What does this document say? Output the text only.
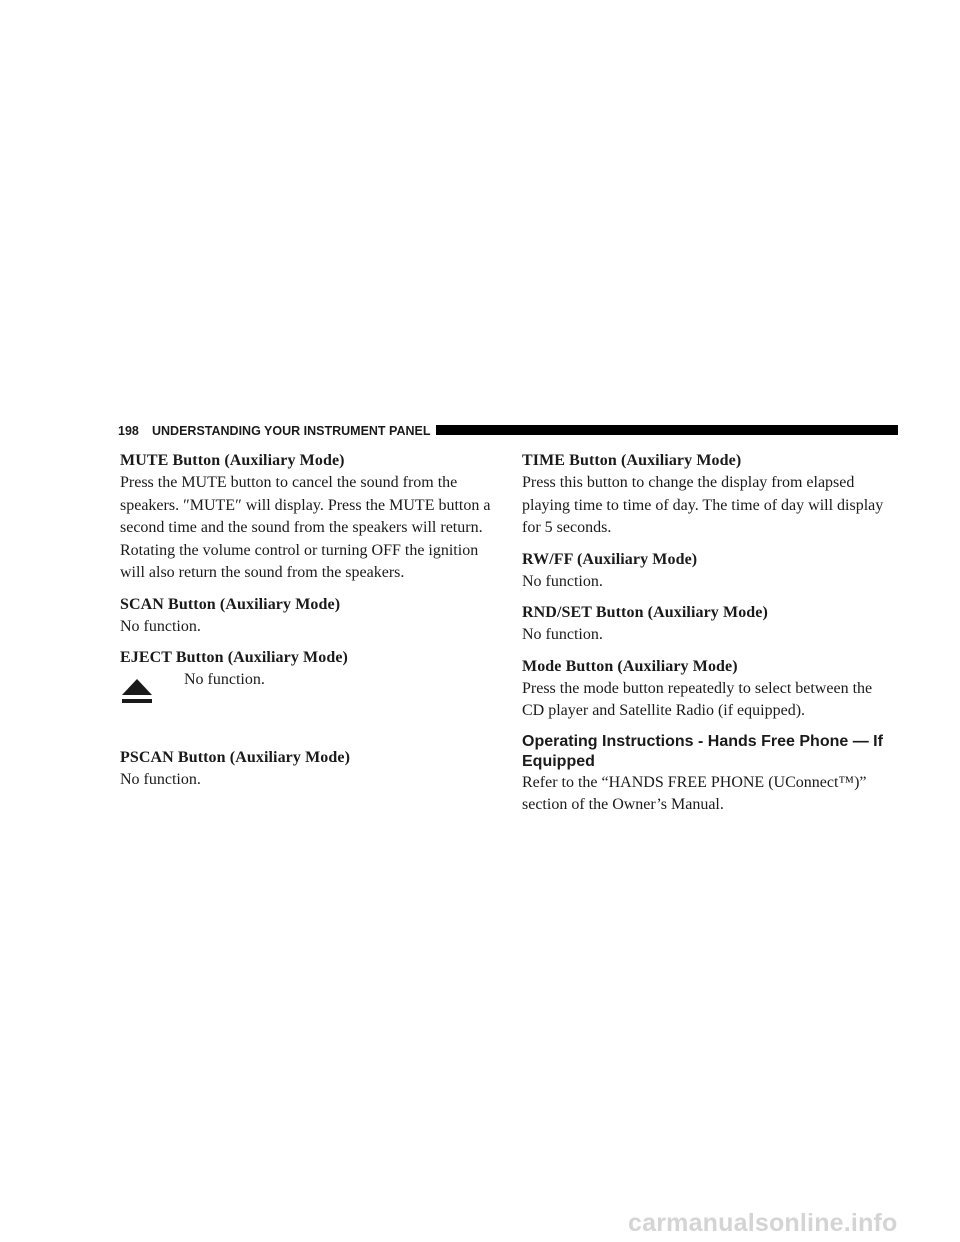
198 UNDERSTANDING YOUR INSTRUMENT PANEL

MUTE Button (Auxiliary Mode)

Press the MUTE button to cancel the sound from the

speakers. ″MUTE″ will display. Press the MUTE button a

second time and the sound from the speakers will return.

Rotating the volume control or turning OFF the ignition

will also return the sound from the speakers.

SCAN Button (Auxiliary Mode)

No function.

EJECT Button (Auxiliary Mode)

No function.

PSCAN Button (Auxiliary Mode)

No function.

TIME Button (Auxiliary Mode)

Press this button to change the display from elapsed

playing time to time of day. The time of day will display

for 5 seconds.

RW/FF (Auxiliary Mode)

No function.

RND/SET Button (Auxiliary Mode)

No function.

Mode Button (Auxiliary Mode)

Press the mode button repeatedly to select between the

CD player and Satellite Radio (if equipped).

Operating Instructions - Hands Free Phone — If

Equipped

Refer to the “HANDS FREE PHONE (UConnect™)”

section of the Owner’s Manual.

carmanualsonline.info
